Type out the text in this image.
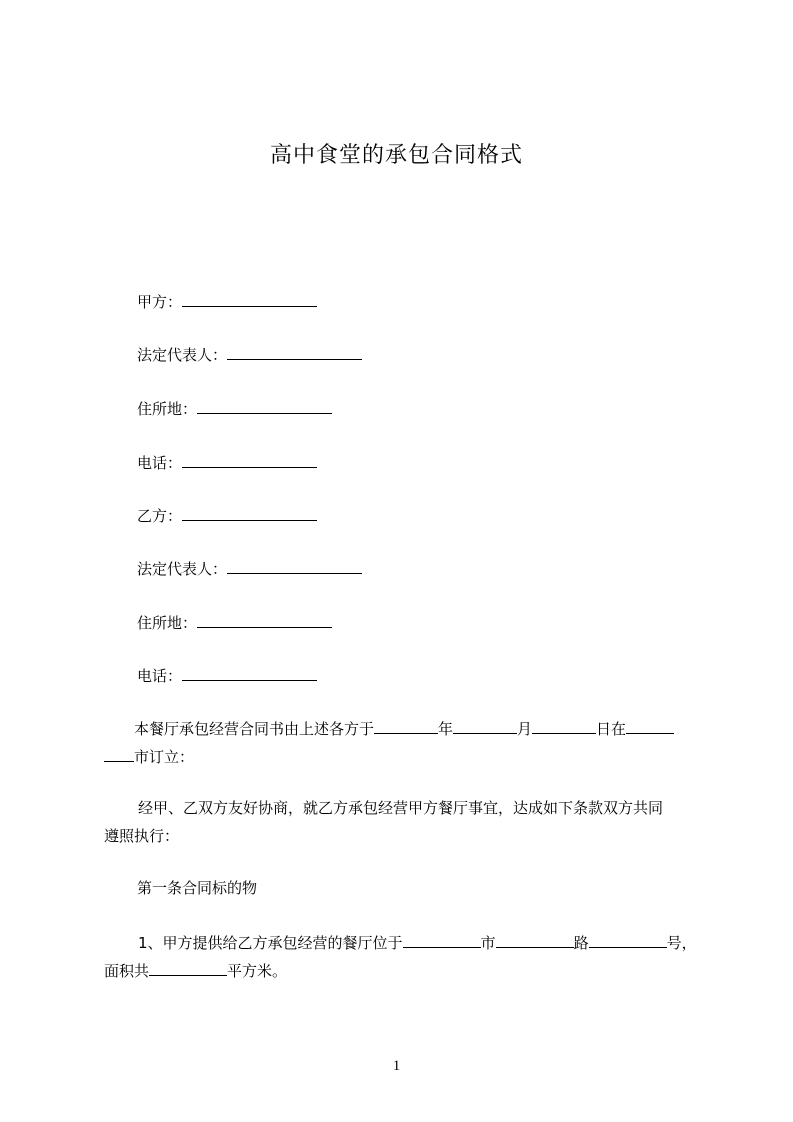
高中食堂的承包合同格式
甲方：
法定代表人：
住所地：
电话：
乙方：
法定代表人：
住所地：
电话：
本餐厅承包经营合同书由上述各方于	年	月	日在
市订立：
经甲、乙双方友好协商，就乙方承包经营甲方餐厅事宜，达成如下条款双方共同
遵照执行：
第一条合同标的物
1、甲方提供给乙方承包经营的餐厅位于	市	路	号，
面积共	平方米。
1
